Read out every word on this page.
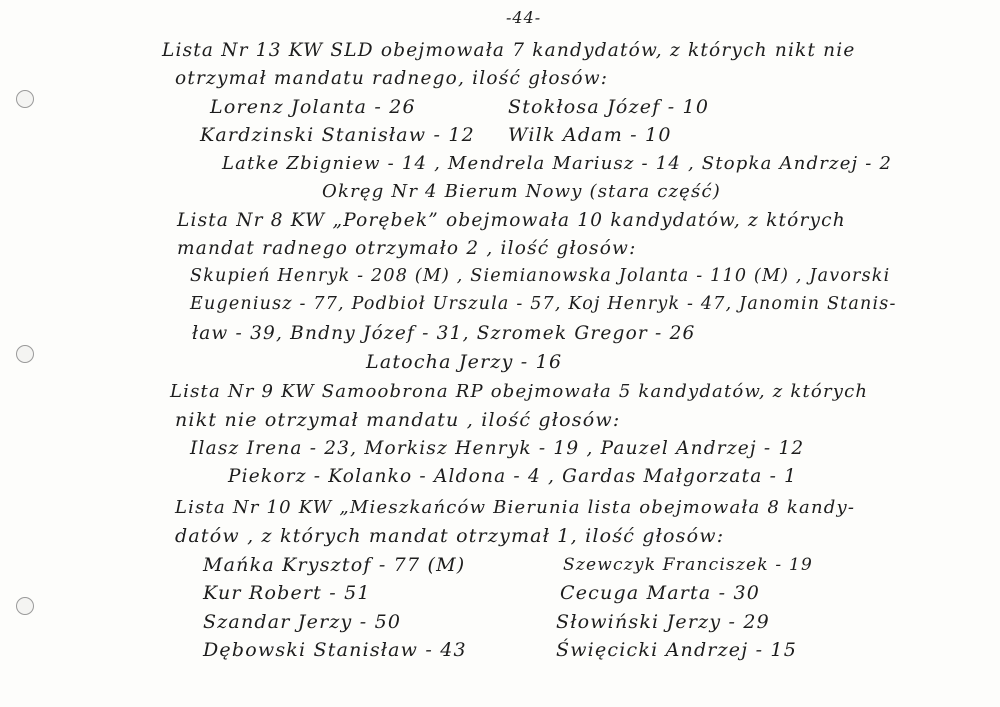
-44-
Lista Nr 13 KW SLD obejmowała 7 kandydatów, z których nikt nie
otrzymał mandatu radnego, ilość głosów:
Lorenz Jolanta - 26	Stokłosa Józef - 10
Kardzinski Stanisław - 12 Wilk Adam - 10
Latke Zbigniew - 14 , Mendrela Mariusz - 14 , Stopka Andrzej - 2
Okręg Nr 4 Bierum Nowy (stara część)
Lista Nr 8 KW „Porębek” obejmowała 10 kandydatów, z których
mandat radnego otrzymało 2 , ilość głosów:
Skupień Henryk - 208 (M) , Siemianowska Jolanta - 110 (M) , Javorski
Eugeniusz - 77, Podbioł Urszula - 57, Koj Henryk - 47, Janomin Stanis-
ław - 39, Bndny Józef - 31, Szromek Gregor - 26
Latocha Jerzy - 16
Lista Nr 9 KW Samoobrona RP obejmowała 5 kandydatów, z których
nikt nie otrzymał mandatu , ilość głosów:
Ilasz Irena - 23, Morkisz Henryk - 19 , Pauzel Andrzej - 12
Piekorz - Kolanko - Aldona - 4 , Gardas Małgorzata - 1
Lista Nr 10 KW „Mieszkańców Bierunia lista obejmowała 8 kandy-
datów , z których mandat otrzymał 1, ilość głosów:
Mańka Krysztof - 77 (M)	Szewczyk Franciszek - 19
Kur Robert - 51	Cecuga Marta - 30
Szandar Jerzy - 50	Słowiński Jerzy - 29
Dębowski Stanisław - 43	Święcicki Andrzej - 15
